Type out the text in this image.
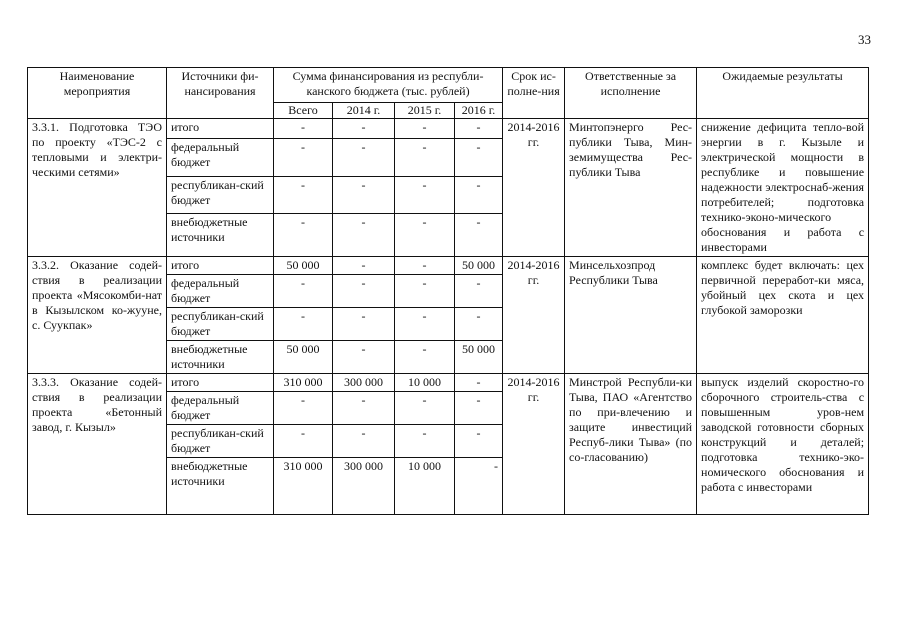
33
Наименование мероприятия	Источники фи-нансирования	Сумма финансирования из республи-канского бюджета (тыс. рублей)				Срок ис-полне-ния	Ответственные за исполнение	Ожидаемые результаты
		Всего	2014 г.	2015 г.	2016 г.			
3.3.1. Подготовка ТЭО по проекту «ТЭС-2 с тепловыми и электри-ческими сетями»	итого	-	-	-	-	2014-2016 гг.	Минтопэнерго Рес-публики Тыва, Мин-земимущества Рес-публики Тыва	снижение дефицита тепло-вой энергии в г. Кызыле и электрической мощности в республике и повышение надежности электроснаб-жения потребителей; подготовка технико-эконо-мического обоснования и работа с инвесторами
	федеральный бюджет	-	-	-	-			
	республикан-ский бюджет	-	-	-	-			
	внебюджетные источники	-	-	-	-			
3.3.2. Оказание содей-ствия в реализации проекта «Мясокомби-нат в Кызылском ко-жууне, с. Суукпак»	итого	50 000	-	-	50 000	2014-2016 гг.	Минсельхозпрод Республики Тыва	комплекс будет включать: цех первичной переработ-ки мяса, убойный цех скота и цех глубокой заморозки
	федеральный бюджет	-	-	-	-			
	республикан-ский бюджет	-	-	-	-			
	внебюджетные источники	50 000	-	-	50 000			
3.3.3. Оказание содей-ствия в реализации проекта «Бетонный завод, г. Кызыл»	итого	310 000	300 000	10 000	-	2014-2016 гг.	Минстрой Республи-ки Тыва, ПАО «Агентство по при-влечению и защите инвестиций Респуб-лики Тыва» (по со-гласованию)	выпуск изделий скоростно-го сборочного строитель-ства с повышенным уров-нем заводской готовности сборных конструкций и деталей; подготовка технико-эко-номического обоснования и работа с инвесторами
	федеральный бюджет	-	-	-	-			
	республикан-ский бюджет	-	-	-	-			
	внебюджетные источники	310 000	300 000	10 000	-			
